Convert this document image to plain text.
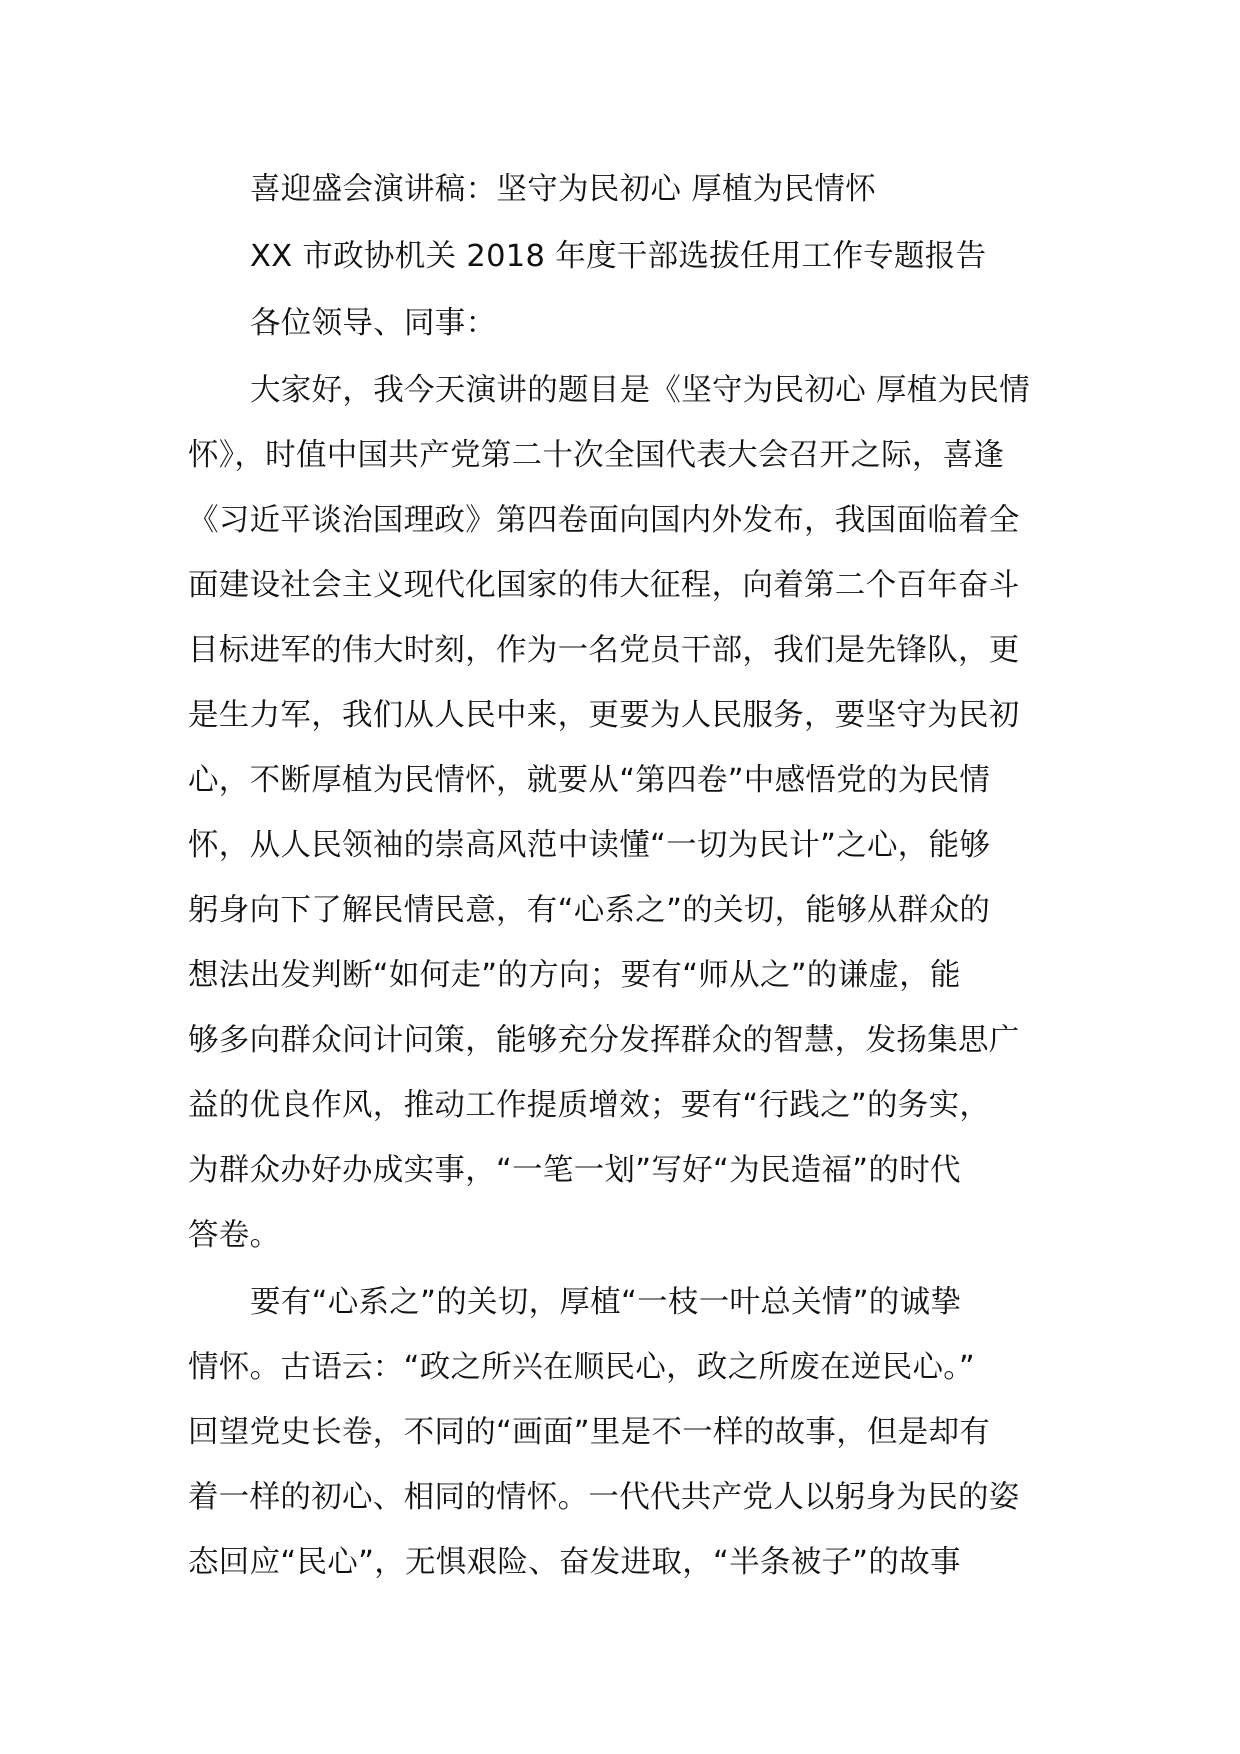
喜迎盛会演讲稿：坚守为民初心 厚植为民情怀
XX 市政协机关 2018 年度干部选拔任用工作专题报告
各位领导、同事：
大家好，我今天演讲的题目是《坚守为民初心 厚植为民情
怀》，时值中国共产党第二十次全国代表大会召开之际，喜逢
《习近平谈治国理政》第四卷面向国内外发布，我国面临着全
面建设社会主义现代化国家的伟大征程，向着第二个百年奋斗
目标进军的伟大时刻，作为一名党员干部，我们是先锋队，更
是生力军，我们从人民中来，更要为人民服务，要坚守为民初
心，不断厚植为民情怀，就要从“第四卷”中感悟党的为民情
怀，从人民领袖的崇高风范中读懂“一切为民计”之心，能够
躬身向下了解民情民意，有“心系之”的关切，能够从群众的
想法出发判断“如何走”的方向；要有“师从之”的谦虚，能
够多向群众问计问策，能够充分发挥群众的智慧，发扬集思广
益的优良作风，推动工作提质增效；要有“行践之”的务实，
为群众办好办成实事，“一笔一划”写好“为民造福”的时代
答卷。
要有“心系之”的关切，厚植“一枝一叶总关情”的诚挚
情怀。古语云：“政之所兴在顺民心，政之所废在逆民心。”
回望党史长卷，不同的“画面”里是不一样的故事，但是却有
着一样的初心、相同的情怀。一代代共产党人以躬身为民的姿
态回应“民心”，无惧艰险、奋发进取，“半条被子”的故事
